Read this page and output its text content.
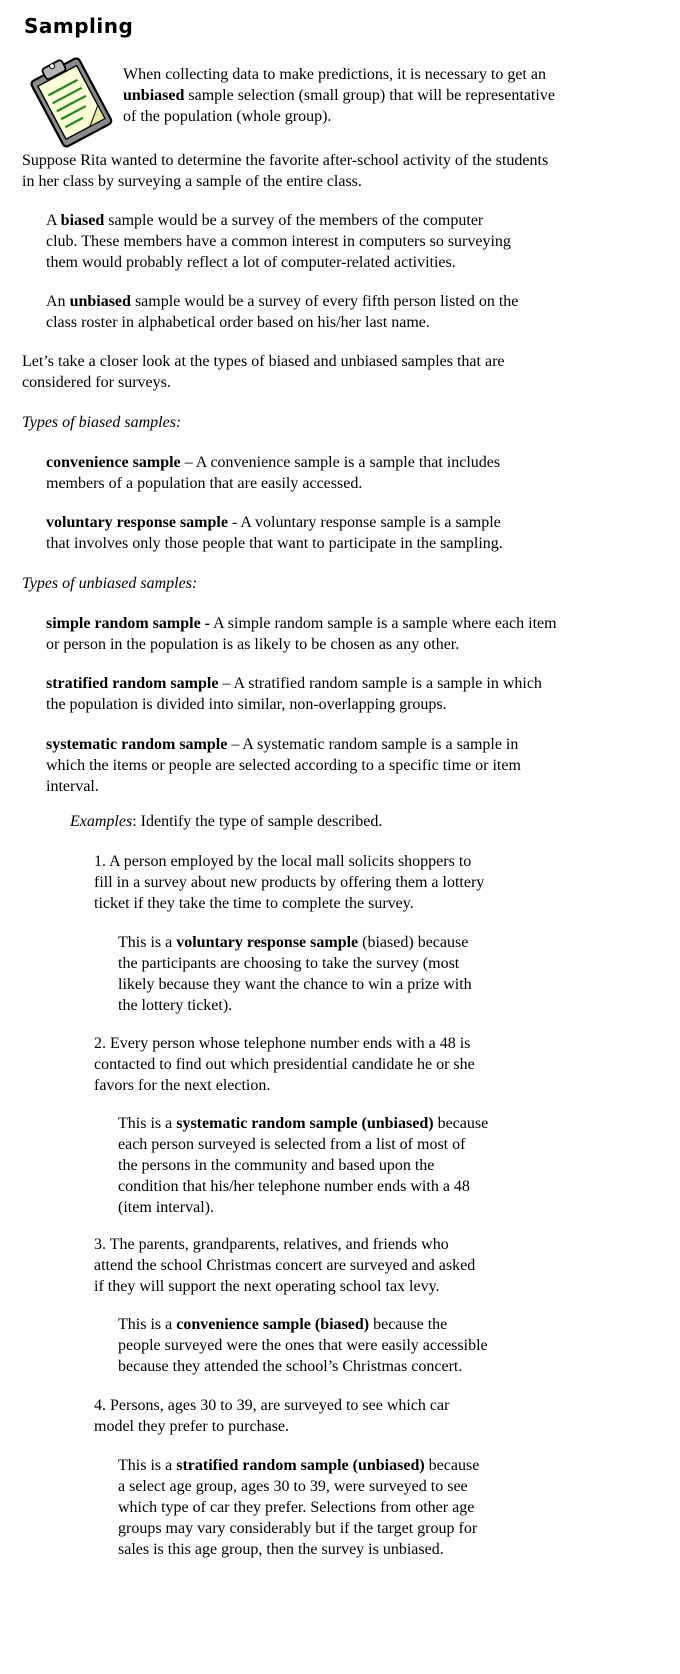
Sampling

When collecting data to make predictions, it is necessary to get an
unbiased sample selection (small group) that will be representative
of the population (whole group).

Suppose Rita wanted to determine the favorite after-school activity of the students
in her class by surveying a sample of the entire class.

A biased sample would be a survey of the members of the computer
club. These members have a common interest in computers so surveying
them would probably reflect a lot of computer-related activities.

An unbiased sample would be a survey of every fifth person listed on the
class roster in alphabetical order based on his/her last name.

Let’s take a closer look at the types of biased and unbiased samples that are
considered for surveys.

Types of biased samples:

convenience sample – A convenience sample is a sample that includes
members of a population that are easily accessed.

voluntary response sample - A voluntary response sample is a sample
that involves only those people that want to participate in the sampling.

Types of unbiased samples:

simple random sample - A simple random sample is a sample where each item
or person in the population is as likely to be chosen as any other.

stratified random sample – A stratified random sample is a sample in which
the population is divided into similar, non-overlapping groups.

systematic random sample – A systematic random sample is a sample in
which the items or people are selected according to a specific time or item
interval.

Examples: Identify the type of sample described.

1. A person employed by the local mall solicits shoppers to
fill in a survey about new products by offering them a lottery
ticket if they take the time to complete the survey.

This is a voluntary response sample (biased) because
the participants are choosing to take the survey (most
likely because they want the chance to win a prize with
the lottery ticket).

2. Every person whose telephone number ends with a 48 is
contacted to find out which presidential candidate he or she
favors for the next election.

This is a systematic random sample (unbiased) because
each person surveyed is selected from a list of most of
the persons in the community and based upon the
condition that his/her telephone number ends with a 48
(item interval).

3. The parents, grandparents, relatives, and friends who
attend the school Christmas concert are surveyed and asked
if they will support the next operating school tax levy.

This is a convenience sample (biased) because the
people surveyed were the ones that were easily accessible
because they attended the school’s Christmas concert.

4. Persons, ages 30 to 39, are surveyed to see which car
model they prefer to purchase.

This is a stratified random sample (unbiased) because
a select age group, ages 30 to 39, were surveyed to see
which type of car they prefer. Selections from other age
groups may vary considerably but if the target group for
sales is this age group, then the survey is unbiased.
